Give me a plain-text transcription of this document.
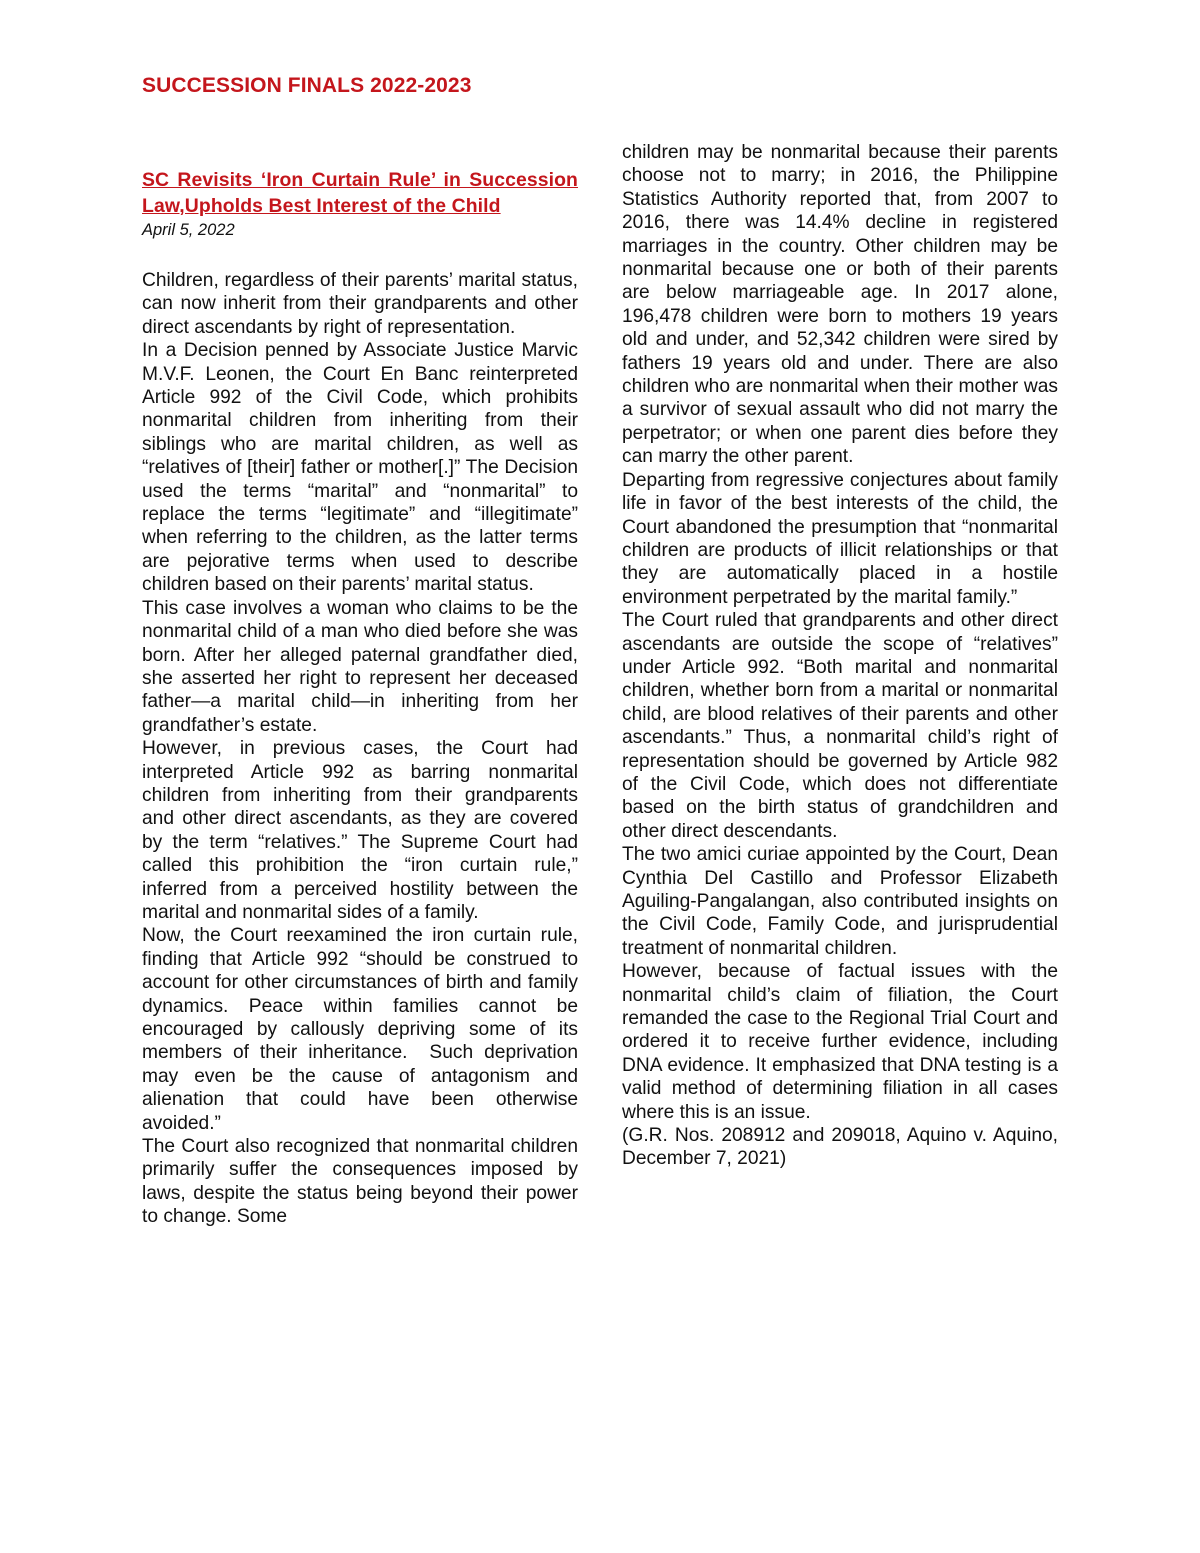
SUCCESSION FINALS 2022-2023
SC Revisits ‘Iron Curtain Rule’ in Succession Law,Upholds Best Interest of the Child
April 5, 2022

Children, regardless of their parents’ marital status, can now inherit from their grandparents and other direct ascendants by right of representation.

In a Decision penned by Associate Justice Marvic M.V.F. Leonen, the Court En Banc reinterpreted Article 992 of the Civil Code, which prohibits nonmarital children from inheriting from their siblings who are marital children, as well as “relatives of [their] father or mother[.]” The Decision used the terms “marital” and “nonmarital” to replace the terms “legitimate” and “illegitimate” when referring to the children, as the latter terms are pejorative terms when used to describe children based on their parents’ marital status.

This case involves a woman who claims to be the nonmarital child of a man who died before she was born. After her alleged paternal grandfather died, she asserted her right to represent her deceased father—a marital child—in inheriting from her grandfather’s estate.

However, in previous cases, the Court had interpreted Article 992 as barring nonmarital children from inheriting from their grandparents and other direct ascendants, as they are covered by the term “relatives.” The Supreme Court had called this prohibition the “iron curtain rule,” inferred from a perceived hostility between the marital and nonmarital sides of a family.

Now, the Court reexamined the iron curtain rule, finding that Article 992 “should be construed to account for other circumstances of birth and family dynamics. Peace within families cannot be encouraged by callously depriving some of its members of their inheritance.  Such deprivation may even be the cause of antagonism and alienation that could have been otherwise avoided.”

The Court also recognized that nonmarital children primarily suffer the consequences imposed by laws, despite the status being beyond their power to change. Some

children may be nonmarital because their parents choose not to marry; in 2016, the Philippine Statistics Authority reported that, from 2007 to 2016, there was 14.4% decline in registered marriages in the country. Other children may be nonmarital because one or both of their parents are below marriageable age. In 2017 alone, 196,478 children were born to mothers 19 years old and under, and 52,342 children were sired by fathers 19 years old and under. There are also children who are nonmarital when their mother was a survivor of sexual assault who did not marry the perpetrator; or when one parent dies before they can marry the other parent.

Departing from regressive conjectures about family life in favor of the best interests of the child, the Court abandoned the presumption that “nonmarital children are products of illicit relationships or that they are automatically placed in a hostile environment perpetrated by the marital family.”

The Court ruled that grandparents and other direct ascendants are outside the scope of “relatives” under Article 992. “Both marital and nonmarital children, whether born from a marital or nonmarital child, are blood relatives of their parents and other ascendants.” Thus, a nonmarital child’s right of representation should be governed by Article 982 of the Civil Code, which does not differentiate based on the birth status of grandchildren and other direct descendants.

The two amici curiae appointed by the Court, Dean Cynthia Del Castillo and Professor Elizabeth Aguiling-Pangalangan, also contributed insights on the Civil Code, Family Code, and jurisprudential treatment of nonmarital children.

However, because of factual issues with the nonmarital child’s claim of filiation, the Court remanded the case to the Regional Trial Court and ordered it to receive further evidence, including DNA evidence. It emphasized that DNA testing is a valid method of determining filiation in all cases where this is an issue.

(G.R. Nos. 208912 and 209018, Aquino v. Aquino, December 7, 2021)
